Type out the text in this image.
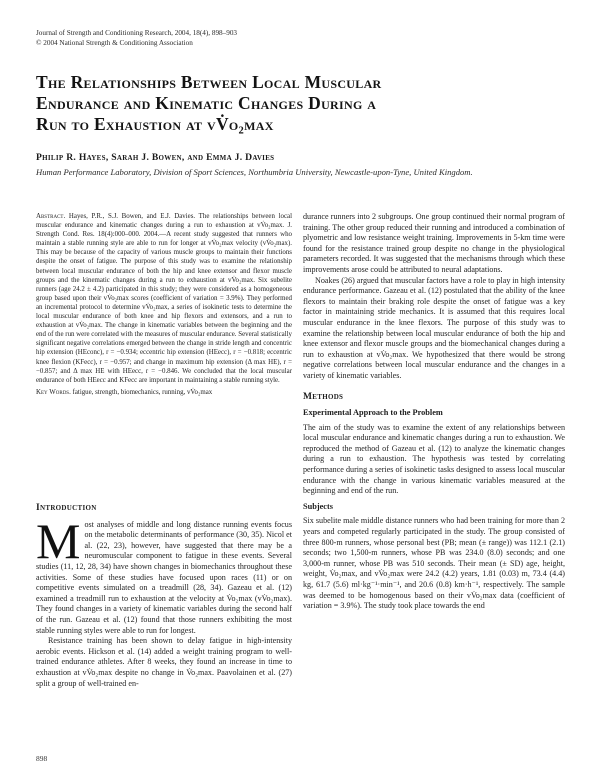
Journal of Strength and Conditioning Research, 2004, 18(4), 898–903
© 2004 National Strength & Conditioning Association
The Relationships Between Local Muscular
Endurance and Kinematic Changes During a
Run to Exhaustion at vV̇o₂max
Philip R. Hayes, Sarah J. Bowen, and Emma J. Davies
Human Performance Laboratory, Division of Sport Sciences, Northumbria University, Newcastle-upon-Tyne, United Kingdom.

Abstract. Hayes, P.R., S.J. Bowen, and E.J. Davies. The relationships between local muscular endurance and kinematic changes during a run to exhaustion at vV̇o₂max. J. Strength Cond. Res. 18(4):000–000. 2004.—A recent study suggested that runners who maintain a stable running style are able to run for longer at vV̇o₂max velocity (vV̇o₂max). This may be because of the capacity of various muscle groups to maintain their functions despite the onset of fatigue. The purpose of this study was to examine the relationship between local muscular endurance of both the hip and knee extensor and flexor muscle groups and the kinematic changes during a run to exhaustion at vV̇o₂max. Six subelite runners (age 24.2 ± 4.2) participated in this study; they were considered as a homogeneous group based upon their vV̇o₂max scores (coefficient of variation = 3.9%). They performed an incremental protocol to determine vV̇o₂max, a series of isokinetic tests to determine the local muscular endurance of both knee and hip flexors and extensors, and a run to exhaustion at vV̇o₂max. The change in kinematic variables between the beginning and the end of the run were correlated with the measures of muscular endurance. Several statistically significant negative correlations emerged between the change in stride length and concentric hip extension (HEconc), r = −0.934; eccentric hip extension (HEecc), r = −0.818; eccentric knee flexion (KFecc), r = −0.957; and change in maximum hip extension (Δ max HE), r = −0.857; and Δ max HE with HEecc, r = −0.846. We concluded that the local muscular endurance of both HEecc and KFecc are important in maintaining a stable running style.

Key Words. fatigue, strength, biomechanics, running, vV̇o₂max

Introduction

Most analyses of middle and long distance running events focus on the metabolic determinants of performance (30, 35). Nicol et al. (22, 23), however, have suggested that there may be a neuromuscular component to fatigue in these events. Several studies (11, 12, 28, 34) have shown changes in biomechanics throughout these activities. Some of these studies have focused upon races (11) or on competitive events simulated on a treadmill (28, 34). Gazeau et al. (12) examined a treadmill run to exhaustion at the velocity at V̇o₂max (vV̇o₂max). They found changes in a variety of kinematic variables during the second half of the run. Gazeau et al. (12) found that those runners exhibiting the most stable running styles were able to run for longest.

Resistance training has been shown to delay fatigue in high-intensity aerobic events. Hickson et al. (14) added a weight training program to well-trained endurance athletes. After 8 weeks, they found an increase in time to exhaustion at vV̇o₂max despite no change in V̇o₂max. Paavolainen et al. (27) split a group of well-trained en-

durance runners into 2 subgroups. One group continued their normal program of training. The other group reduced their running and introduced a combination of plyometric and low resistance weight training. Improvements in 5-km time were found for the resistance trained group despite no change in the physiological parameters recorded. It was suggested that the mechanisms through which these improvements arose could be attributed to neural adaptations.

Noakes (26) argued that muscular factors have a role to play in high intensity endurance performance. Gazeau et al. (12) postulated that the ability of the knee flexors to maintain their braking role despite the onset of fatigue was a key factor in maintaining stride mechanics. It is assumed that this requires local muscular endurance in the knee flexors. The purpose of this study was to examine the relationship between local muscular endurance of both the hip and knee extensor and flexor muscle groups and the biomechanical changes during a run to exhaustion at vV̇o₂max. We hypothesized that there would be strong negative correlations between local muscular endurance and the changes in a variety of kinematic variables.

Methods
Experimental Approach to the Problem

The aim of the study was to examine the extent of any relationships between local muscular endurance and kinematic changes during a run to exhaustion. We reproduced the method of Gazeau et al. (12) to analyze the kinematic changes during a run to exhaustion. The hypothesis was tested by correlating performance during a series of isokinetic tasks designed to assess local muscular endurance with the change in various kinematic variables measured at the beginning and end of the run.

Subjects

Six subelite male middle distance runners who had been training for more than 2 years and competed regularly participated in the study. The group consisted of three 800-m runners, whose personal best (PB; mean (± range)) was 112.1 (2.1) seconds; two 1,500-m runners, whose PB was 234.0 (8.0) seconds; and one 3,000-m runner, whose PB was 510 seconds. Their mean (± SD) age, height, weight, V̇o₂max, and vV̇o₂max were 24.2 (4.2) years, 1.81 (0.03) m, 73.4 (4.4) kg, 61.7 (5.6) ml·kg⁻¹·min⁻¹, and 20.6 (0.8) km·h⁻¹, respectively. The sample was deemed to be homogenous based on their vV̇o₂max data (coefficient of variation = 3.9%). The study took place towards the end

898
